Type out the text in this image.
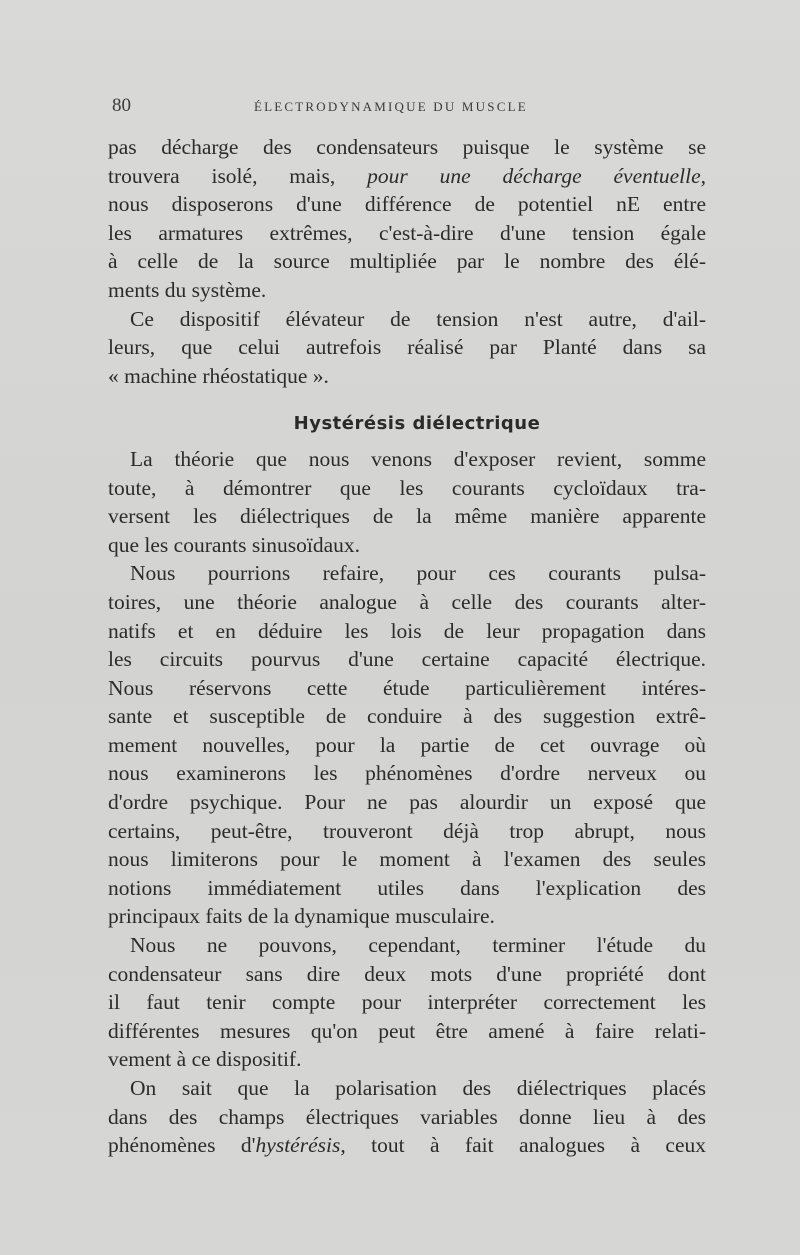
80	ÉLECTRODYNAMIQUE DU MUSCLE
pas décharge des condensateurs puisque le système se
trouvera isolé, mais, pour une décharge éventuelle,
nous disposerons d'une différence de potentiel nE entre
les armatures extrêmes, c'est-à-dire d'une tension égale
à celle de la source multipliée par le nombre des élé-
ments du système.
Ce dispositif élévateur de tension n'est autre, d'ail-
leurs, que celui autrefois réalisé par Planté dans sa
« machine rhéostatique ».
Hystérésis diélectrique
La théorie que nous venons d'exposer revient, somme
toute, à démontrer que les courants cycloïdaux tra-
versent les diélectriques de la même manière apparente
que les courants sinusoïdaux.
Nous pourrions refaire, pour ces courants pulsa-
toires, une théorie analogue à celle des courants alter-
natifs et en déduire les lois de leur propagation dans
les circuits pourvus d'une certaine capacité électrique.
Nous réservons cette étude particulièrement intéres-
sante et susceptible de conduire à des suggestion extrê-
mement nouvelles, pour la partie de cet ouvrage où
nous examinerons les phénomènes d'ordre nerveux ou
d'ordre psychique. Pour ne pas alourdir un exposé que
certains, peut-être, trouveront déjà trop abrupt, nous
nous limiterons pour le moment à l'examen des seules
notions immédiatement utiles dans l'explication des
principaux faits de la dynamique musculaire.
Nous ne pouvons, cependant, terminer l'étude du
condensateur sans dire deux mots d'une propriété dont
il faut tenir compte pour interpréter correctement les
différentes mesures qu'on peut être amené à faire relati-
vement à ce dispositif.
On sait que la polarisation des diélectriques placés
dans des champs électriques variables donne lieu à des
phénomènes d'hystérésis, tout à fait analogues à ceux
